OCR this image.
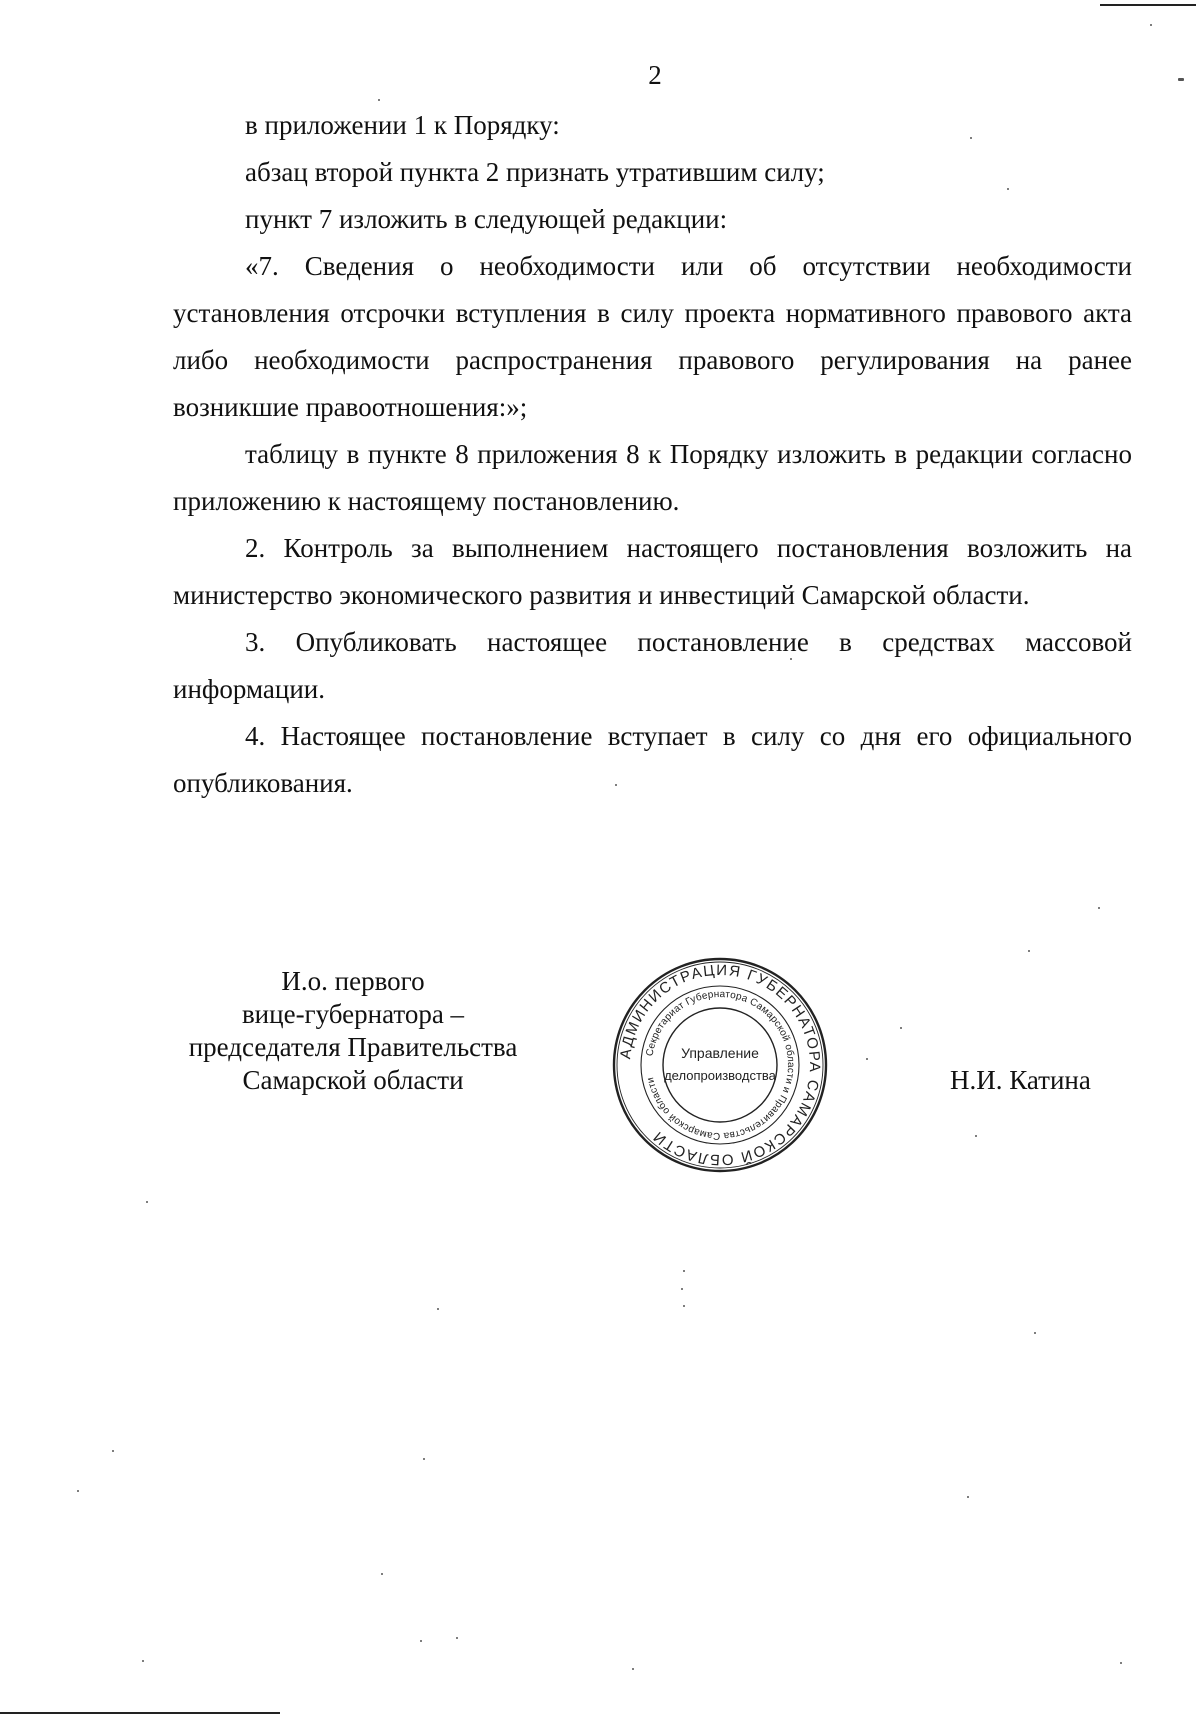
2

в приложении 1 к Порядку:

абзац второй пункта 2 признать утратившим силу;

пункт 7 изложить в следующей редакции:

«7. Сведения о необходимости или об отсутствии необходимости установления отсрочки вступления в силу проекта нормативного правового акта либо необходимости распространения правового регулирования на ранее возникшие правоотношения:»;

таблицу в пункте 8 приложения 8 к Порядку изложить в редакции согласно приложению к настоящему постановлению.

2. Контроль за выполнением настоящего постановления возложить на министерство экономического развития и инвестиций Самарской области.

3. Опубликовать настоящее постановление в средствах массовой информации.

4. Настоящее постановление вступает в силу со дня его официального опубликования.

И.о. первого
вице-губернатора –
председателя Правительства
Самарской области
АДМИНИСТРАЦИЯ ГУБЕРНАТОРА САМАРСКОЙ ОБЛАСТИ
Секретариат Губернатора Самарской области и Правительства Самарской области
Управление
делопроизводства	Н.И. Катина
